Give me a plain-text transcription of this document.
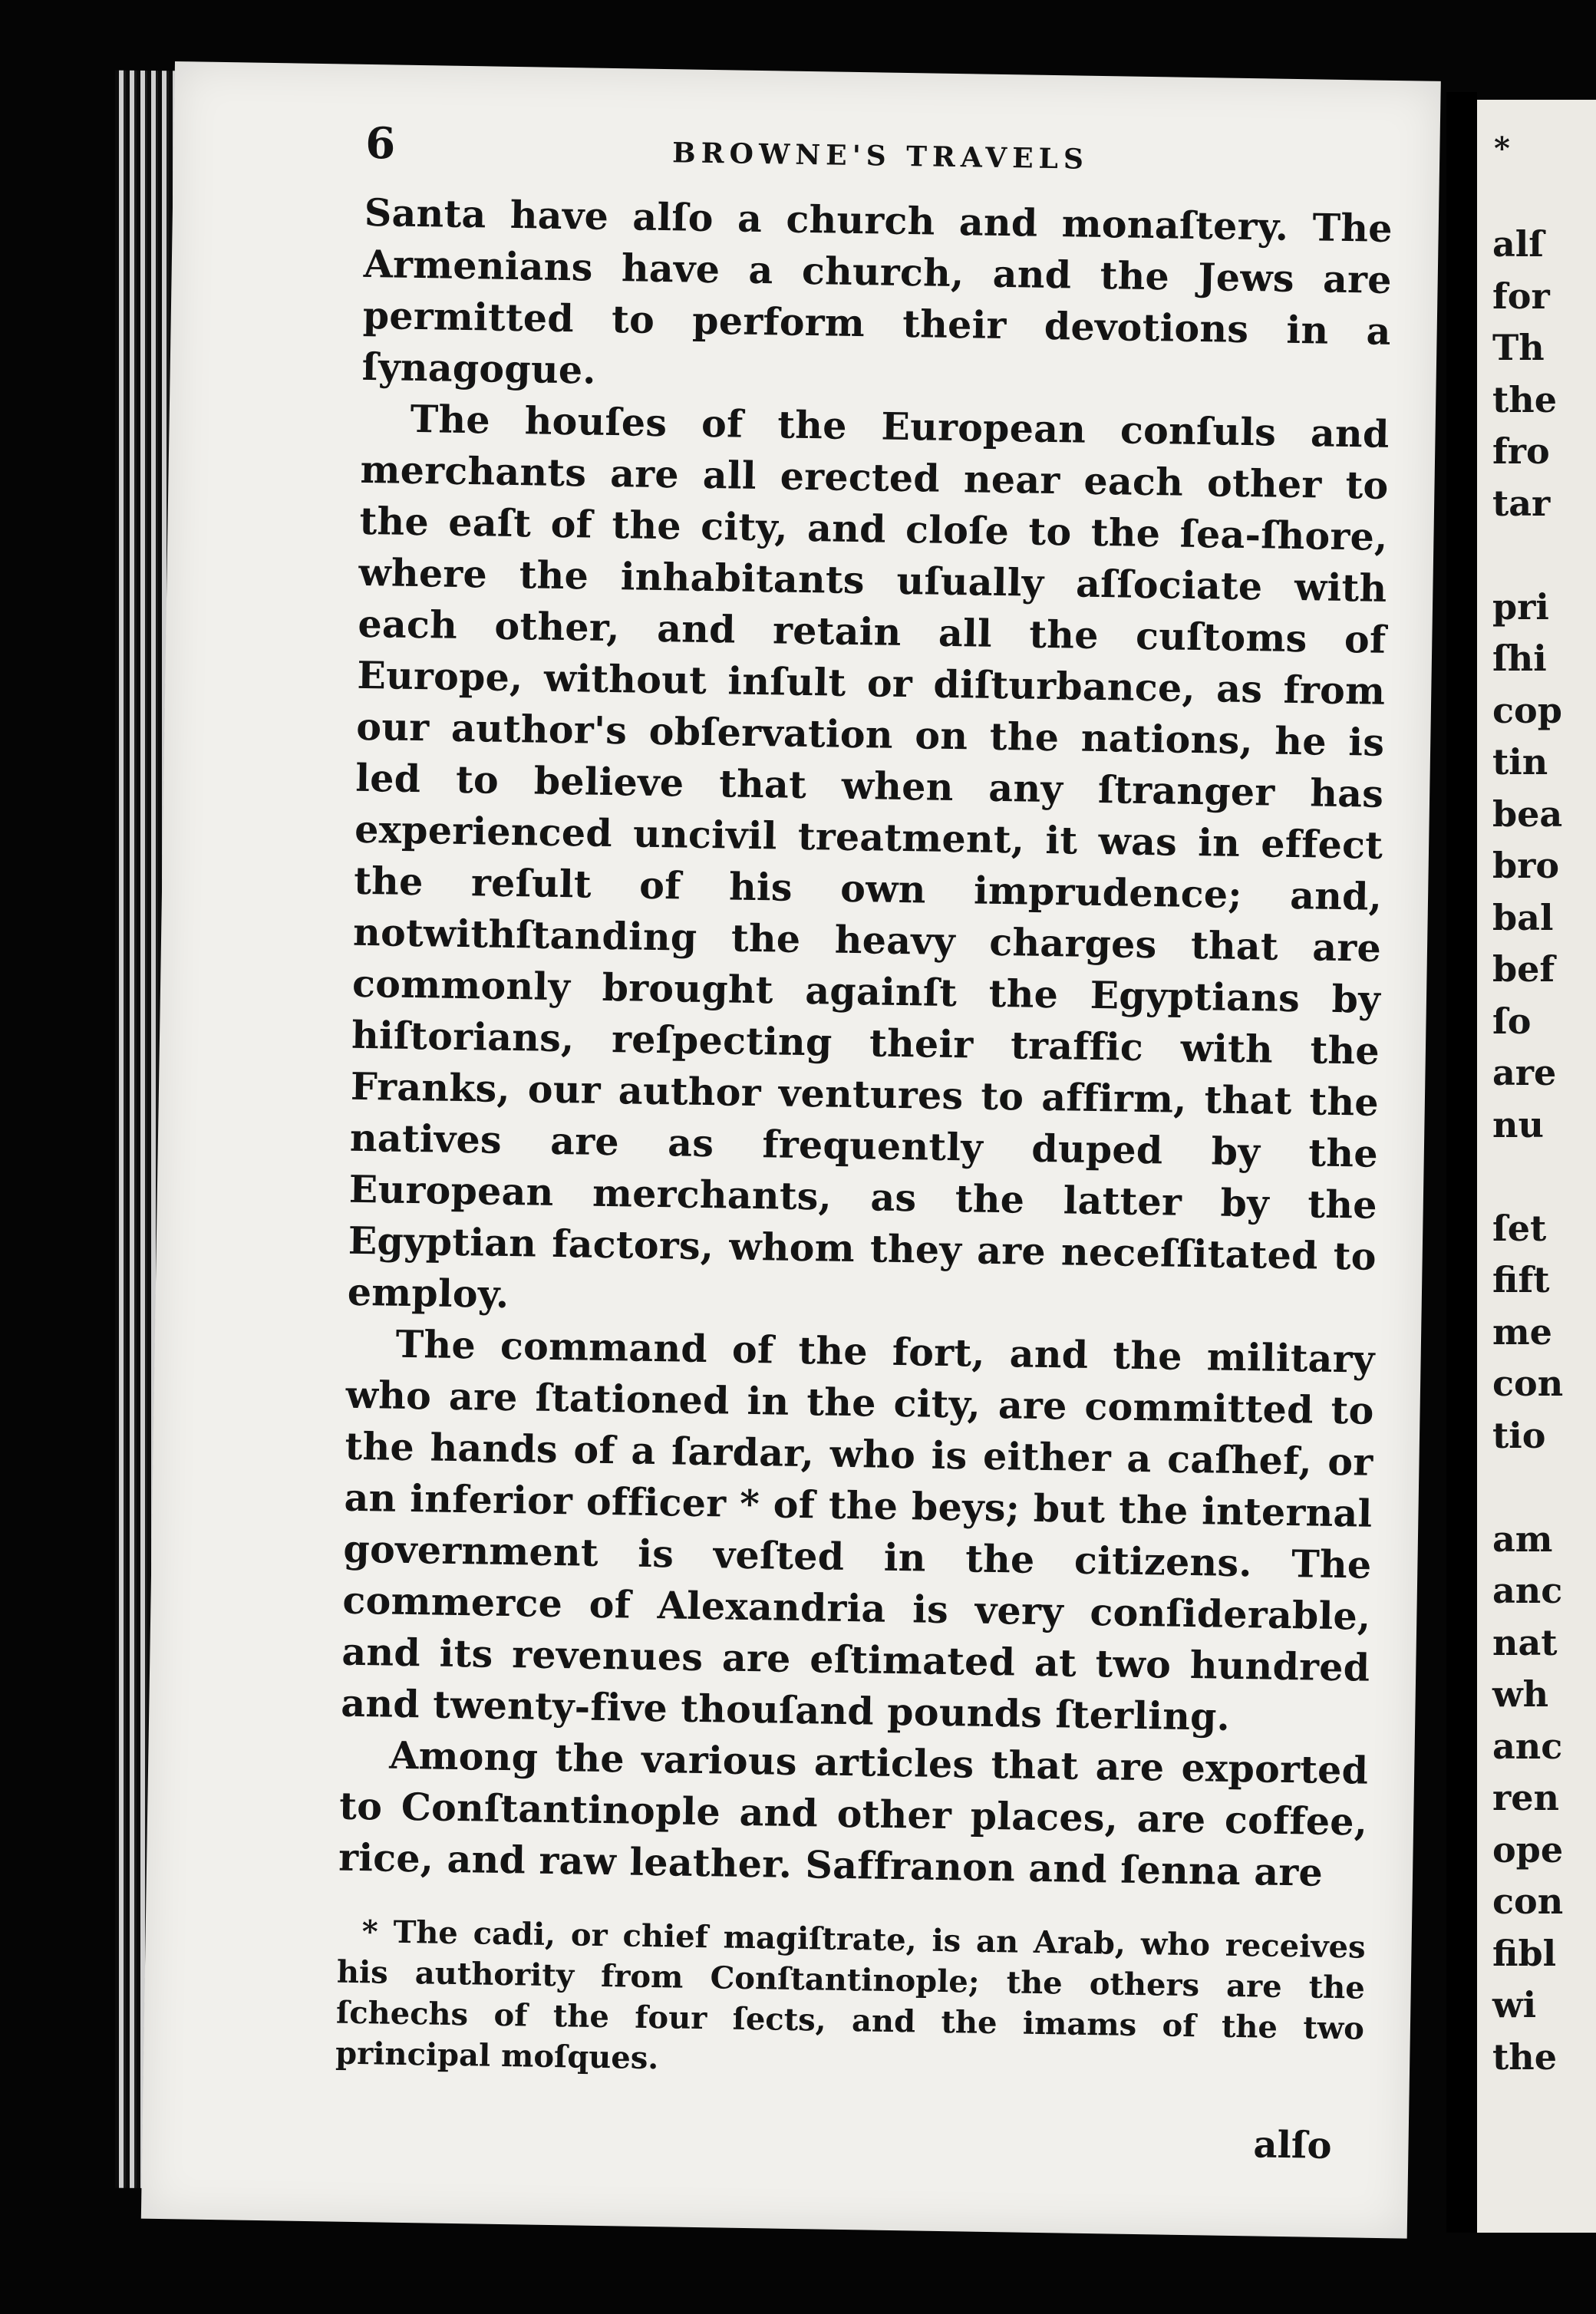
6	BROWNE'S TRAVELS

Santa have alſo a church and monaſtery. The Armenians have a church, and the Jews are permitted to perform their devotions in a ſynagogue.

The houſes of the European conſuls and merchants are all erected near each other to the eaſt of the city, and cloſe to the ſea-ſhore, where the inhabitants uſually aſſociate with each other, and retain all the cuſtoms of Europe, without inſult or diſturbance, as from our author's obſervation on the nations, he is led to believe that when any ſtranger has experienced uncivil treatment, it was in effect the reſult of his own imprudence; and, notwithſtanding the heavy charges that are commonly brought againſt the Egyptians by hiſtorians, reſpecting their traffic with the Franks, our author ventures to affirm, that the natives are as frequently duped by the European merchants, as the latter by the Egyptian factors, whom they are neceſſitated to employ.

The command of the fort, and the military who are ſtationed in the city, are committed to the hands of a ſardar, who is either a caſhef, or an inferior officer * of the beys; but the internal government is veſted in the citizens. The commerce of Alexandria is very conſiderable, and its revenues are eſtimated at two hundred and twenty-five thouſand pounds ſterling.

Among the various articles that are exported to Conſtantinople and other places, are coffee, rice, and raw leather. Saffranon and ſenna are

* The cadi, or chief magiſtrate, is an Arab, who receives his authority from Conſtantinople; the others are the ſchechs of the four ſects, and the imams of the two principal moſques.
alſo
*
alſ
for
Th
the
fro
tar
pri
ſhi
cop
tin
bea
bro
bal
bef
ſo
are
nu
ſet
fift
me
con
tio
am
anc
nat
wh
anc
ren
ope
con
fibl
wi
the
